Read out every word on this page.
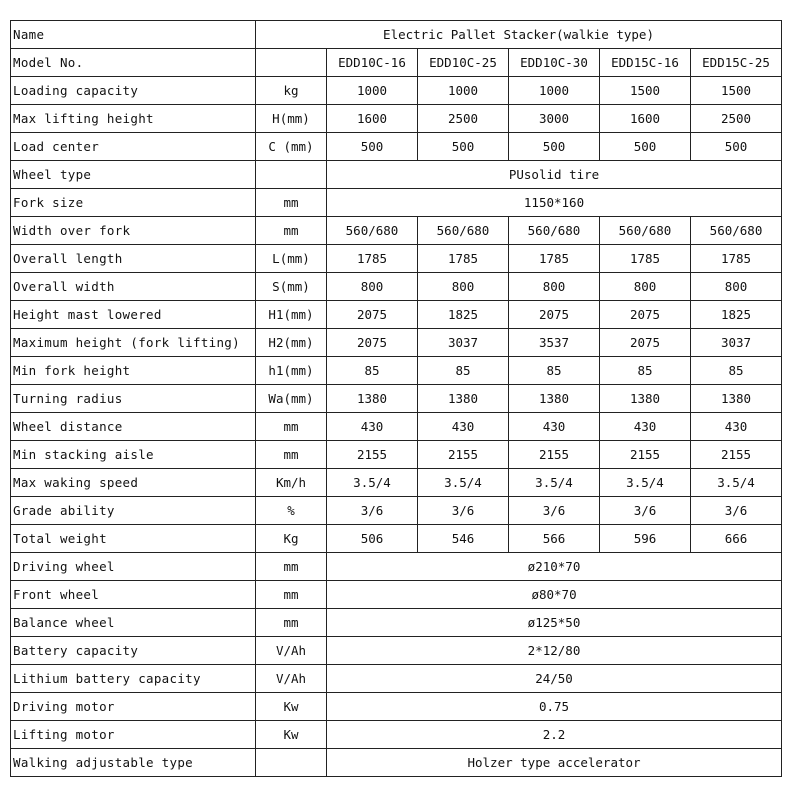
Name	Electric Pallet Stacker(walkie type)					
Model No.		EDD10C-16	EDD10C-25	EDD10C-30	EDD15C-16	EDD15C-25
Loading capacity	kg	1000	1000	1000	1500	1500
Max lifting height	H(mm)	1600	2500	3000	1600	2500
Load center	C (mm)	500	500	500	500	500
Wheel type		PUsolid tire				
Fork size	mm	1150*160				
Width over fork	mm	560/680	560/680	560/680	560/680	560/680
Overall length	L(mm)	1785	1785	1785	1785	1785
Overall width	S(mm)	800	800	800	800	800
Height mast lowered	H1(mm)	2075	1825	2075	2075	1825
Maximum height (fork lifting)	H2(mm)	2075	3037	3537	2075	3037
Min fork height	h1(mm)	85	85	85	85	85
Turning radius	Wa(mm)	1380	1380	1380	1380	1380
Wheel distance	mm	430	430	430	430	430
Min stacking aisle	mm	2155	2155	2155	2155	2155
Max waking speed	Km/h	3.5/4	3.5/4	3.5/4	3.5/4	3.5/4
Grade ability	%	3/6	3/6	3/6	3/6	3/6
Total weight	Kg	506	546	566	596	666
Driving wheel	mm	ø210*70				
Front wheel	mm	ø80*70				
Balance wheel	mm	ø125*50				
Battery capacity	V/Ah	2*12/80				
Lithium battery capacity	V/Ah	24/50				
Driving motor	Kw	0.75				
Lifting motor	Kw	2.2				
Walking adjustable type		Holzer type accelerator				
